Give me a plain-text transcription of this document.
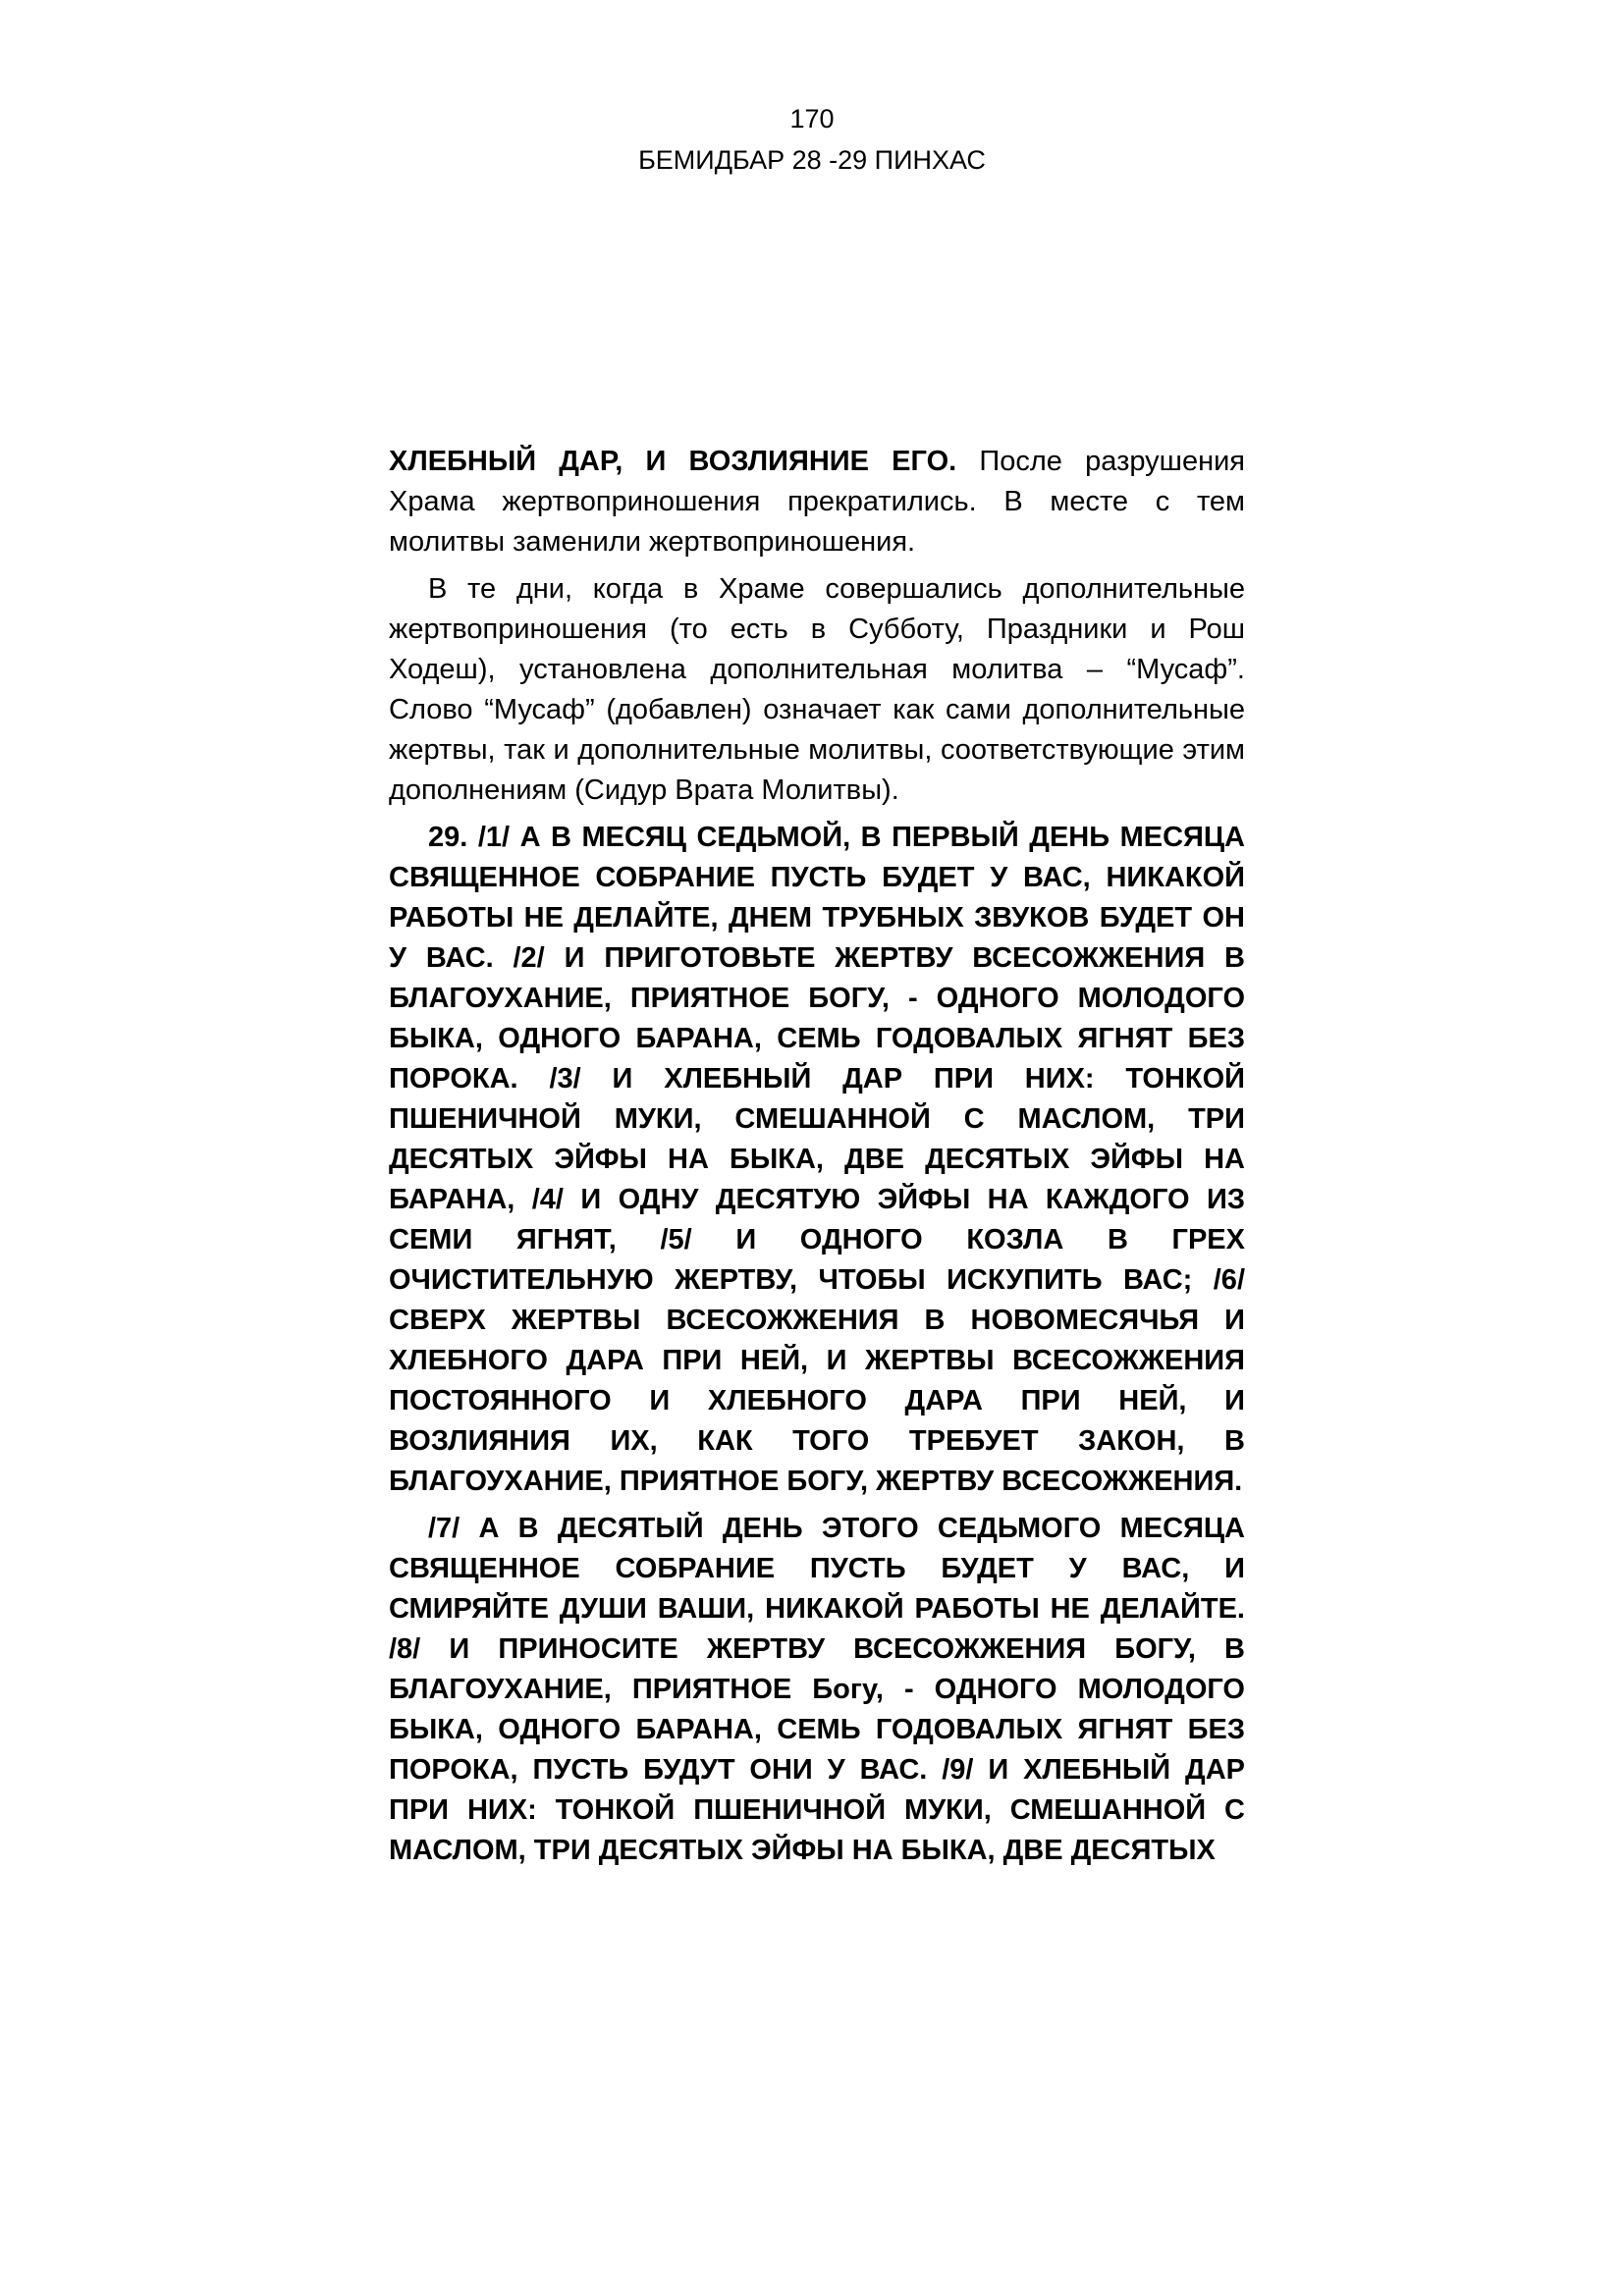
170
БЕМИДБАР 28 -29 ПИНХАС

ХЛЕБНЫЙ ДАР, И ВОЗЛИЯНИЕ ЕГО. После разрушения Храма жертвоприношения прекратились. В месте с тем молитвы заменили жертвоприношения.

В те дни, когда в Храме совершались дополнительные жертвоприношения (то есть в Субботу, Праздники и Рош Ходеш), установлена дополнительная молитва – “Мусаф”. Слово “Мусаф” (добавлен) означает как сами дополнительные жертвы, так и дополнительные молитвы, соответствующие этим дополнениям (Сидур Врата Молитвы).

29. /1/ А В МЕСЯЦ СЕДЬМОЙ, В ПЕРВЫЙ ДЕНЬ МЕСЯЦА СВЯЩЕННОЕ СОБРАНИЕ ПУСТЬ БУДЕТ У ВАС, НИКАКОЙ РАБОТЫ НЕ ДЕЛАЙТЕ, ДНЕМ ТРУБНЫХ ЗВУКОВ БУДЕТ ОН У ВАС. /2/ И ПРИГОТОВЬТЕ ЖЕРТВУ ВСЕСОЖЖЕНИЯ В БЛАГОУХАНИЕ, ПРИЯТНОЕ БОГУ, - ОДНОГО МОЛОДОГО БЫКА, ОДНОГО БАРАНА, СЕМЬ ГОДОВАЛЫХ ЯГНЯТ БЕЗ ПОРОКА. /3/ И ХЛЕБНЫЙ ДАР ПРИ НИХ: ТОНКОЙ ПШЕНИЧНОЙ МУКИ, СМЕШАННОЙ С МАСЛОМ, ТРИ ДЕСЯТЫХ ЭЙФЫ НА БЫКА, ДВЕ ДЕСЯТЫХ ЭЙФЫ НА БАРАНА, /4/ И ОДНУ ДЕСЯТУЮ ЭЙФЫ НА КАЖДОГО ИЗ СЕМИ ЯГНЯТ, /5/ И ОДНОГО КОЗЛА В ГРЕХ ОЧИСТИТЕЛЬНУЮ ЖЕРТВУ, ЧТОБЫ ИСКУПИТЬ ВАС; /6/ СВЕРХ ЖЕРТВЫ ВСЕСОЖЖЕНИЯ В НОВОМЕСЯЧЬЯ И ХЛЕБНОГО ДАРА ПРИ НЕЙ, И ЖЕРТВЫ ВСЕСОЖЖЕНИЯ ПОСТОЯННОГО И ХЛЕБНОГО ДАРА ПРИ НЕЙ, И ВОЗЛИЯНИЯ ИХ, КАК ТОГО ТРЕБУЕТ ЗАКОН, В БЛАГОУХАНИЕ, ПРИЯТНОЕ БОГУ, ЖЕРТВУ ВСЕСОЖЖЕНИЯ.

/7/ А В ДЕСЯТЫЙ ДЕНЬ ЭТОГО СЕДЬМОГО МЕСЯЦА СВЯЩЕННОЕ СОБРАНИЕ ПУСТЬ БУДЕТ У ВАС, И СМИРЯЙТЕ ДУШИ ВАШИ, НИКАКОЙ РАБОТЫ НЕ ДЕЛАЙТЕ. /8/ И ПРИНОСИТЕ ЖЕРТВУ ВСЕСОЖЖЕНИЯ БОГУ, В БЛАГОУХАНИЕ, ПРИЯТНОЕ Богу, - ОДНОГО МОЛОДОГО БЫКА, ОДНОГО БАРАНА, СЕМЬ ГОДОВАЛЫХ ЯГНЯТ БЕЗ ПОРОКА, ПУСТЬ БУДУТ ОНИ У ВАС. /9/ И ХЛЕБНЫЙ ДАР ПРИ НИХ: ТОНКОЙ ПШЕНИЧНОЙ МУКИ, СМЕШАННОЙ С МАСЛОМ, ТРИ ДЕСЯТЫХ ЭЙФЫ НА БЫКА, ДВЕ ДЕСЯТЫХ
